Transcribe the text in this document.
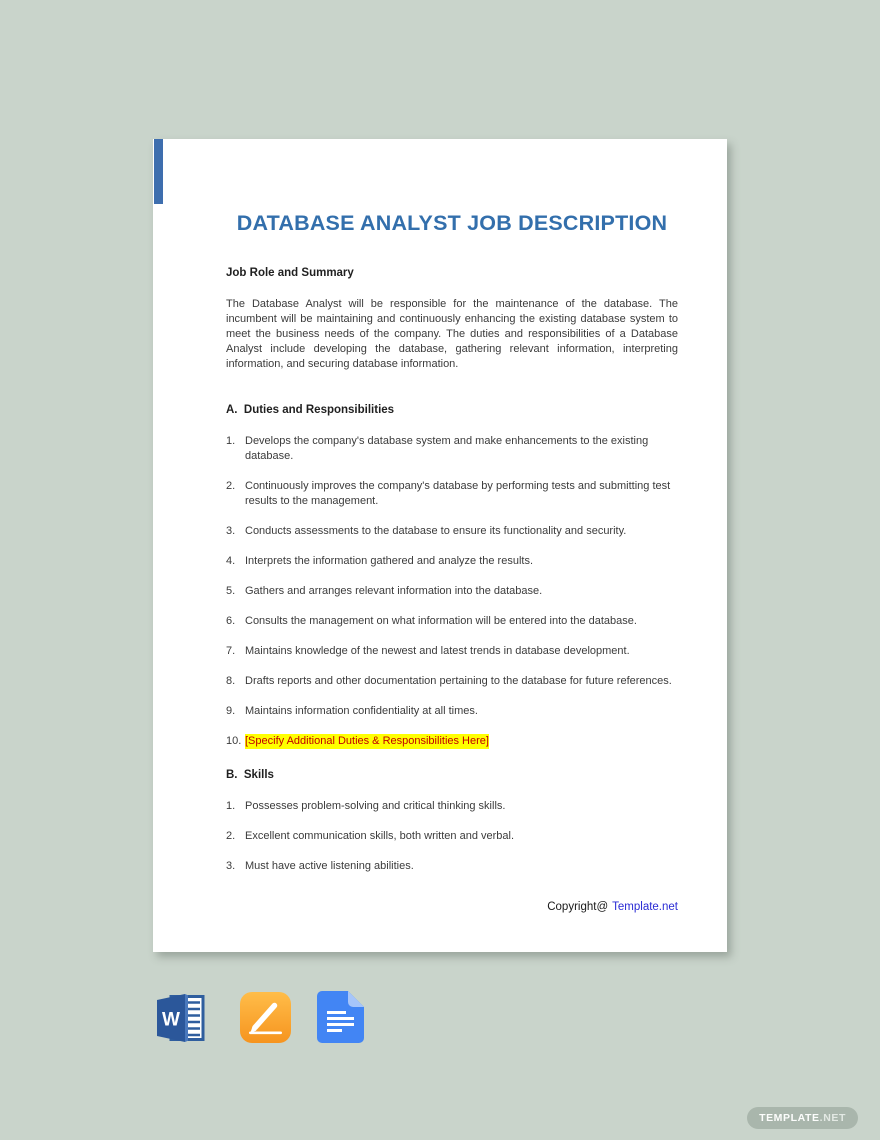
DATABASE ANALYST JOB DESCRIPTION
Job Role and Summary

The Database Analyst will be responsible for the maintenance of the database. The incumbent will be maintaining and continuously enhancing the existing database system to meet the business needs of the company. The duties and responsibilities of a Database Analyst include developing the database, gathering relevant information, interpreting information, and securing database information.

A.  Duties and Responsibilities
1. Develops the company's database system and make enhancements to the existing database.
2. Continuously improves the company's database by performing tests and submitting test results to the management.
3. Conducts assessments to the database to ensure its functionality and security.
4. Interprets the information gathered and analyze the results.
5. Gathers and arranges relevant information into the database.
6. Consults the management on what information will be entered into the database.
7. Maintains knowledge of the newest and latest trends in database development.
8. Drafts reports and other documentation pertaining to the database for future references.
9. Maintains information confidentiality at all times.
10. [Specify Additional Duties & Responsibilities Here]
B.  Skills
1. Possesses problem-solving and critical thinking skills.
2. Excellent communication skills, both written and verbal.
3. Must have active listening abilities.
Copyright@ Template.net
W
TEMPLATE .NET
